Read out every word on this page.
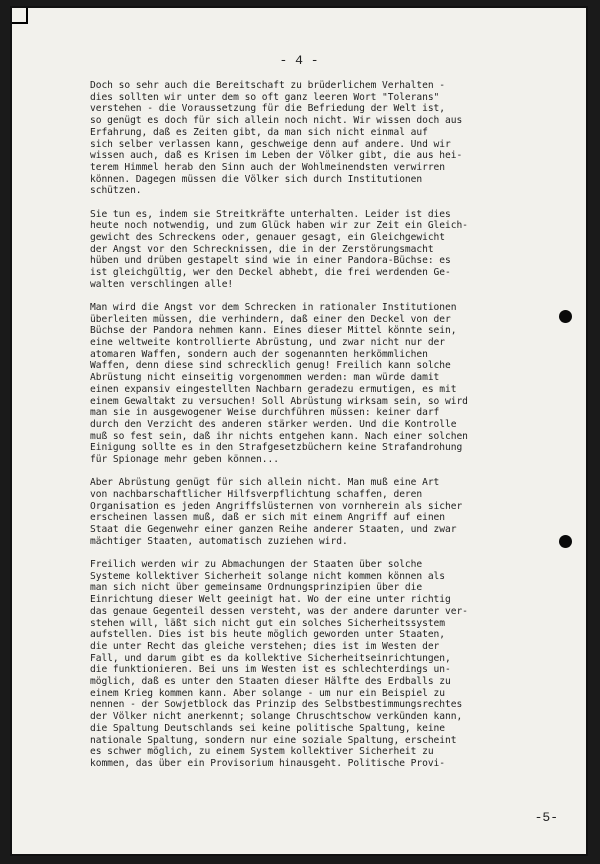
- 4 -
Doch so sehr auch die Bereitschaft zu brüderlichem Verhalten -
dies sollten wir unter dem so oft ganz leeren Wort "Tolerans"
verstehen - die Voraussetzung für die Befriedung der Welt ist,
so genügt es doch für sich allein noch nicht. Wir wissen doch aus
Erfahrung, daß es Zeiten gibt, da man sich nicht einmal auf
sich selber verlassen kann, geschweige denn auf andere. Und wir
wissen auch, daß es Krisen im Leben der Völker gibt, die aus hei-
terem Himmel herab den Sinn auch der Wohlmeinendsten verwirren
können. Dagegen müssen die Völker sich durch Institutionen
schützen.
Sie tun es, indem sie Streitkräfte unterhalten. Leider ist dies
heute noch notwendig, und zum Glück haben wir zur Zeit ein Gleich-
gewicht des Schreckens oder, genauer gesagt, ein Gleichgewicht
der Angst vor den Schrecknissen, die in der Zerstörungsmacht
hüben und drüben gestapelt sind wie in einer Pandora-Büchse: es
ist gleichgültig, wer den Deckel abhebt, die frei werdenden Ge-
walten verschlingen alle!
Man wird die Angst vor dem Schrecken in rationaler Institutionen
überleiten müssen, die verhindern, daß einer den Deckel von der
Büchse der Pandora nehmen kann. Eines dieser Mittel könnte sein,
eine weltweite kontrollierte Abrüstung, und zwar nicht nur der
atomaren Waffen, sondern auch der sogenannten herkömmlichen
Waffen, denn diese sind schrecklich genug! Freilich kann solche
Abrüstung nicht einseitig vorgenommen werden: man würde damit
einen expansiv eingestellten Nachbarn geradezu ermutigen, es mit
einem Gewaltakt zu versuchen! Soll Abrüstung wirksam sein, so wird
man sie in ausgewogener Weise durchführen müssen: keiner darf
durch den Verzicht des anderen stärker werden. Und die Kontrolle
muß so fest sein, daß ihr nichts entgehen kann. Nach einer solchen
Einigung sollte es in den Strafgesetzbüchern keine Strafandrohung
für Spionage mehr geben können...
Aber Abrüstung genügt für sich allein nicht. Man muß eine Art
von nachbarschaftlicher Hilfsverpflichtung schaffen, deren
Organisation es jeden Angriffslüsternen von vornherein als sicher
erscheinen lassen muß, daß er sich mit einem Angriff auf einen
Staat die Gegenwehr einer ganzen Reihe anderer Staaten, und zwar
mächtiger Staaten, automatisch zuziehen wird.
Freilich werden wir zu Abmachungen der Staaten über solche
Systeme kollektiver Sicherheit solange nicht kommen können als
man sich nicht über gemeinsame Ordnungsprinzipien über die
Einrichtung dieser Welt geeinigt hat. Wo der eine unter richtig
das genaue Gegenteil dessen versteht, was der andere darunter ver-
stehen will, läßt sich nicht gut ein solches Sicherheitssystem
aufstellen. Dies ist bis heute möglich geworden unter Staaten,
die unter Recht das gleiche verstehen; dies ist im Westen der
Fall, und darum gibt es da kollektive Sicherheitseinrichtungen,
die funktionieren. Bei uns im Westen ist es schlechterdings un-
möglich, daß es unter den Staaten dieser Hälfte des Erdballs zu
einem Krieg kommen kann. Aber solange - um nur ein Beispiel zu
nennen - der Sowjetblock das Prinzip des Selbstbestimmungsrechtes
der Völker nicht anerkennt; solange Chruschtschow verkünden kann,
die Spaltung Deutschlands sei keine politische Spaltung, keine
nationale Spaltung, sondern nur eine soziale Spaltung, erscheint
es schwer möglich, zu einem System kollektiver Sicherheit zu
kommen, das über ein Provisorium hinausgeht. Politische Provi-
-5-
